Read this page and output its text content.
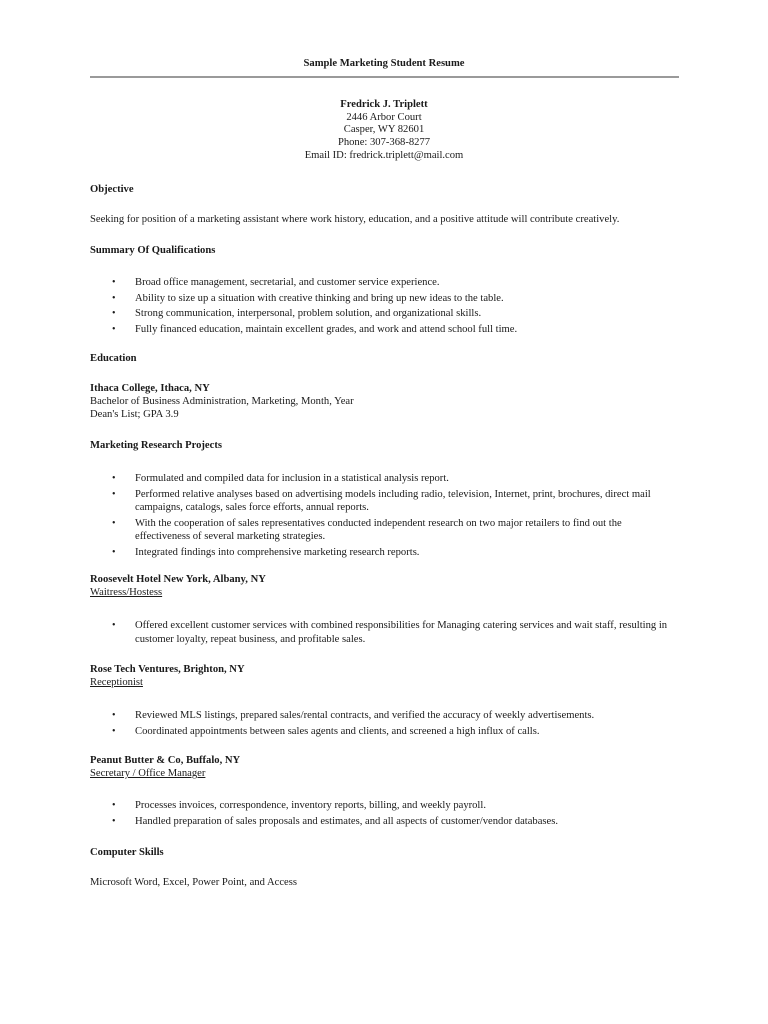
Sample Marketing Student Resume
Fredrick J. Triplett
2446 Arbor Court
Casper, WY 82601
Phone: 307-368-8277
Email ID: fredrick.triplett@mail.com
Objective
Seeking for position of a marketing assistant where work history, education, and a positive attitude will contribute creatively.
Summary Of Qualifications
• Broad office management, secretarial, and customer service experience.
• Ability to size up a situation with creative thinking and bring up new ideas to the table.
• Strong communication, interpersonal, problem solution, and organizational skills.
• Fully financed education, maintain excellent grades, and work and attend school full time.
Education
Ithaca College, Ithaca, NY
Bachelor of Business Administration, Marketing, Month, Year
Dean's List; GPA 3.9
Marketing Research Projects
• Formulated and compiled data for inclusion in a statistical analysis report.
• Performed relative analyses based on advertising models including radio, television, Internet, print, brochures, direct mail campaigns, catalogs, sales force efforts, annual reports.
• With the cooperation of sales representatives conducted independent research on two major retailers to find out the effectiveness of several marketing strategies.
• Integrated findings into comprehensive marketing research reports.
Roosevelt Hotel New York, Albany, NY
Waitress/Hostess
• Offered excellent customer services with combined responsibilities for Managing catering services and wait staff, resulting in customer loyalty, repeat business, and profitable sales.
Rose Tech Ventures, Brighton, NY
Receptionist
• Reviewed MLS listings, prepared sales/rental contracts, and verified the accuracy of weekly advertisements.
• Coordinated appointments between sales agents and clients, and screened a high influx of calls.
Peanut Butter & Co, Buffalo, NY
Secretary / Office Manager
• Processes invoices, correspondence, inventory reports, billing, and weekly payroll.
• Handled preparation of sales proposals and estimates, and all aspects of customer/vendor databases.
Computer Skills
Microsoft Word, Excel, Power Point, and Access
